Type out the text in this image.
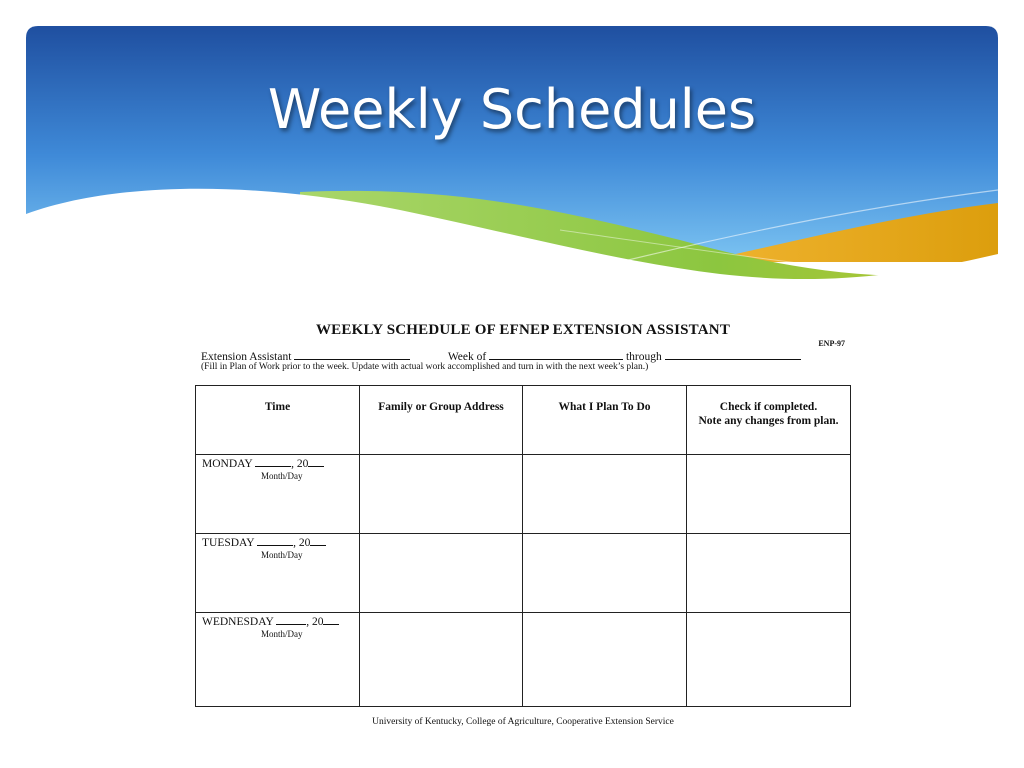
Weekly Schedules
WEEKLY SCHEDULE OF EFNEP EXTENSION ASSISTANT
ENP-97
Extension Assistant	Week of	through
(Fill in Plan of Work prior to the week. Update with actual work accomplished and turn in with the next week’s plan.)
Time	Family or Group Address	What I Plan To Do	Check if completed.
Note any changes from plan.

MONDAY , 20
Month/Day			

TUESDAY , 20
Month/Day			

WEDNESDAY , 20
Month/Day			

University of Kentucky, College of Agriculture, Cooperative Extension Service
